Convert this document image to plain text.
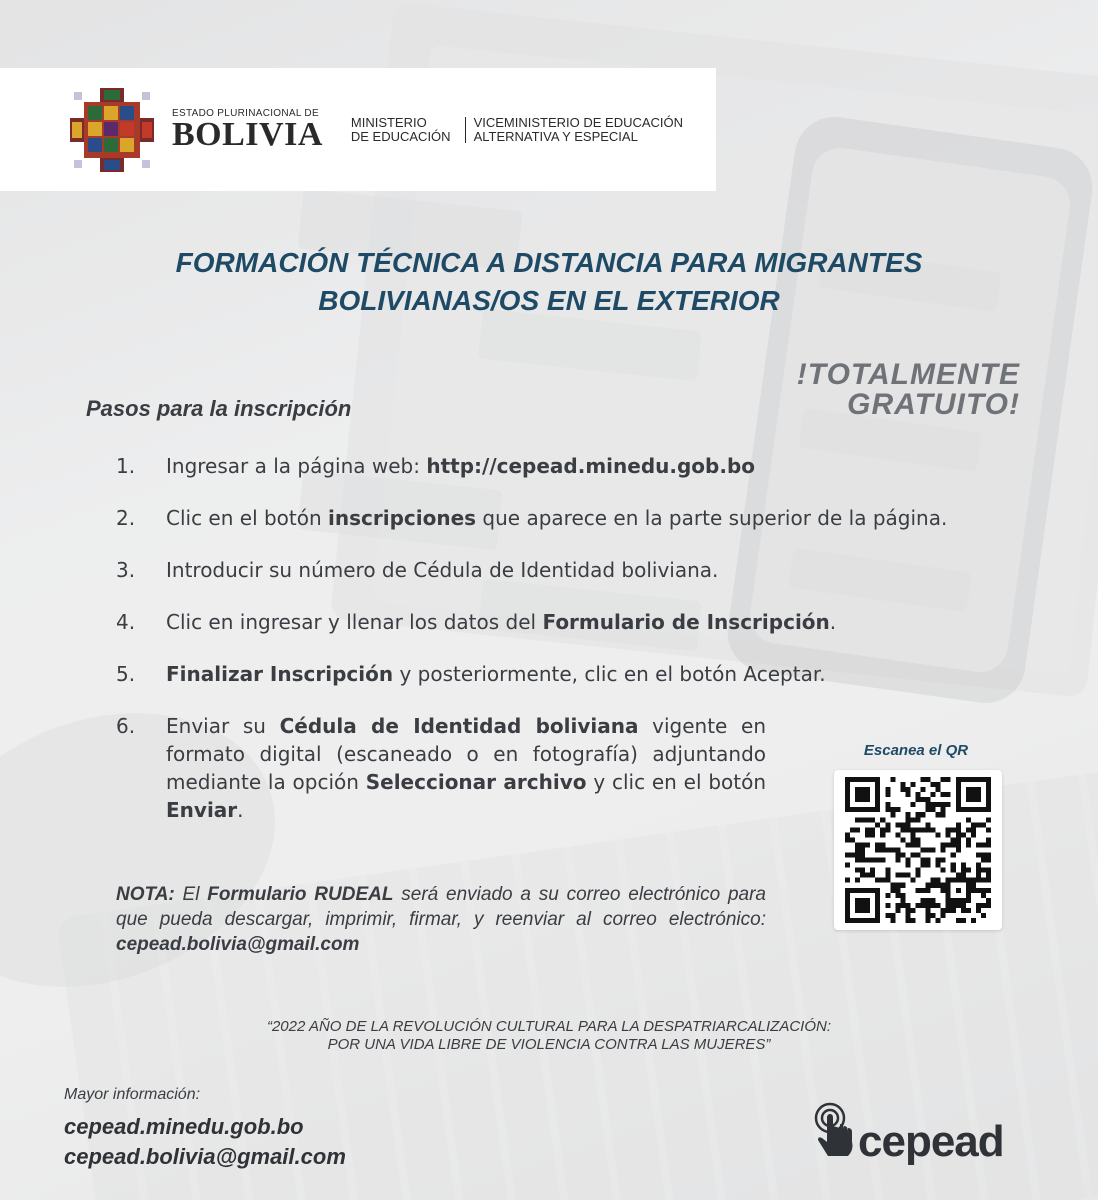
ESTADO PLURINACIONAL DE
BOLIVIA MINISTERIO
DE EDUCACIÓN
VICEMINISTERIO DE EDUCACIÓN
ALTERNATIVA Y ESPECIAL
FORMACIÓN TÉCNICA A DISTANCIA PARA MIGRANTES
BOLIVIANAS/OS EN EL EXTERIOR
!TOTALMENTE
GRATUITO!
Pasos para la inscripción
1.	Ingresar a la página web: http://cepead.minedu.gob.bo
2.	Clic en el botón inscripciones que aparece en la parte superior de la página.
3.	Introducir su número de Cédula de Identidad boliviana.
4.	Clic en ingresar y llenar los datos del Formulario de Inscripción.
5.	Finalizar Inscripción y posteriormente, clic en el botón Aceptar.
6.	Enviar su Cédula de Identidad boliviana vigente en formato digital (escaneado o en fotografía) adjuntando mediante la opción Seleccionar archivo y clic en el botón Enviar.
Escanea el QR
NOTA: El Formulario RUDEAL será enviado a su correo electrónico para que pueda descargar, imprimir, firmar, y reenviar al correo electrónico: cepead.bolivia@gmail.com
“2022 AÑO DE LA REVOLUCIÓN CULTURAL PARA LA DESPATRIARCALIZACIÓN:
POR UNA VIDA LIBRE DE VIOLENCIA CONTRA LAS MUJERES”
Mayor información:
cepead.minedu.gob.bo
cepead.bolivia@gmail.com	cepead
